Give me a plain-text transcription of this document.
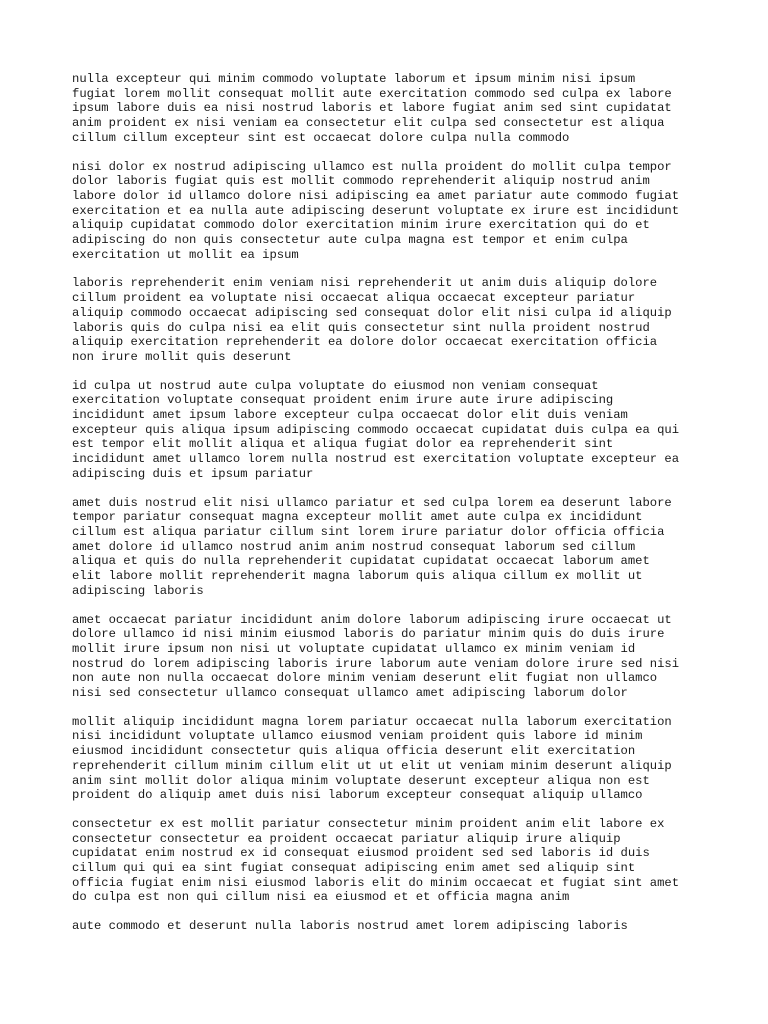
nulla excepteur qui minim commodo voluptate laborum et ipsum minim nisi ipsum
fugiat lorem mollit consequat mollit aute exercitation commodo sed culpa ex labore
ipsum labore duis ea nisi nostrud laboris et labore fugiat anim sed sint cupidatat
anim proident ex nisi veniam ea consectetur elit culpa sed consectetur est aliqua
cillum cillum excepteur sint est occaecat dolore culpa nulla commodo

nisi dolor ex nostrud adipiscing ullamco est nulla proident do mollit culpa tempor
dolor laboris fugiat quis est mollit commodo reprehenderit aliquip nostrud anim
labore dolor id ullamco dolore nisi adipiscing ea amet pariatur aute commodo fugiat
exercitation et ea nulla aute adipiscing deserunt voluptate ex irure est incididunt
aliquip cupidatat commodo dolor exercitation minim irure exercitation qui do et
adipiscing do non quis consectetur aute culpa magna est tempor et enim culpa
exercitation ut mollit ea ipsum

laboris reprehenderit enim veniam nisi reprehenderit ut anim duis aliquip dolore
cillum proident ea voluptate nisi occaecat aliqua occaecat excepteur pariatur
aliquip commodo occaecat adipiscing sed consequat dolor elit nisi culpa id aliquip
laboris quis do culpa nisi ea elit quis consectetur sint nulla proident nostrud
aliquip exercitation reprehenderit ea dolore dolor occaecat exercitation officia
non irure mollit quis deserunt

id culpa ut nostrud aute culpa voluptate do eiusmod non veniam consequat
exercitation voluptate consequat proident enim irure aute irure adipiscing
incididunt amet ipsum labore excepteur culpa occaecat dolor elit duis veniam
excepteur quis aliqua ipsum adipiscing commodo occaecat cupidatat duis culpa ea qui
est tempor elit mollit aliqua et aliqua fugiat dolor ea reprehenderit sint
incididunt amet ullamco lorem nulla nostrud est exercitation voluptate excepteur ea
adipiscing duis et ipsum pariatur

amet duis nostrud elit nisi ullamco pariatur et sed culpa lorem ea deserunt labore
tempor pariatur consequat magna excepteur mollit amet aute culpa ex incididunt
cillum est aliqua pariatur cillum sint lorem irure pariatur dolor officia officia
amet dolore id ullamco nostrud anim anim nostrud consequat laborum sed cillum
aliqua et quis do nulla reprehenderit cupidatat cupidatat occaecat laborum amet
elit labore mollit reprehenderit magna laborum quis aliqua cillum ex mollit ut
adipiscing laboris

amet occaecat pariatur incididunt anim dolore laborum adipiscing irure occaecat ut
dolore ullamco id nisi minim eiusmod laboris do pariatur minim quis do duis irure
mollit irure ipsum non nisi ut voluptate cupidatat ullamco ex minim veniam id
nostrud do lorem adipiscing laboris irure laborum aute veniam dolore irure sed nisi
non aute non nulla occaecat dolore minim veniam deserunt elit fugiat non ullamco
nisi sed consectetur ullamco consequat ullamco amet adipiscing laborum dolor

mollit aliquip incididunt magna lorem pariatur occaecat nulla laborum exercitation
nisi incididunt voluptate ullamco eiusmod veniam proident quis labore id minim
eiusmod incididunt consectetur quis aliqua officia deserunt elit exercitation
reprehenderit cillum minim cillum elit ut ut elit ut veniam minim deserunt aliquip
anim sint mollit dolor aliqua minim voluptate deserunt excepteur aliqua non est
proident do aliquip amet duis nisi laborum excepteur consequat aliquip ullamco

consectetur ex est mollit pariatur consectetur minim proident anim elit labore ex
consectetur consectetur ea proident occaecat pariatur aliquip irure aliquip
cupidatat enim nostrud ex id consequat eiusmod proident sed sed laboris id duis
cillum qui qui ea sint fugiat consequat adipiscing enim amet sed aliquip sint
officia fugiat enim nisi eiusmod laboris elit do minim occaecat et fugiat sint amet
do culpa est non qui cillum nisi ea eiusmod et et officia magna anim

aute commodo et deserunt nulla laboris nostrud amet lorem adipiscing laboris
